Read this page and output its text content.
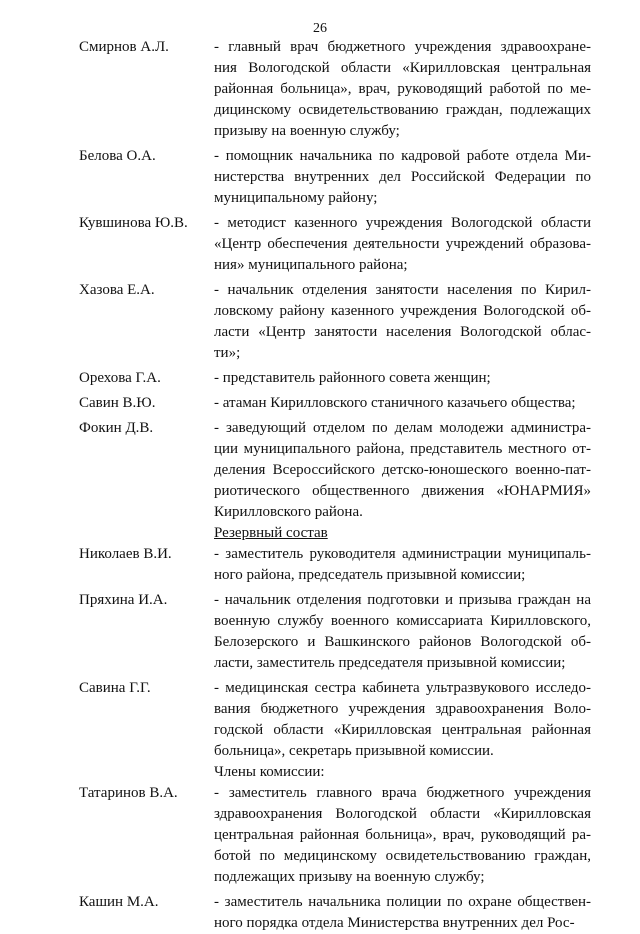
26
Смирнов А.Л.	- главный врач бюджетного учреждения здравоохране-
ния Вологодской области «Кирилловская центральная
районная больница», врач, руководящий работой по ме-
дицинскому освидетельствованию граждан, подлежащих
призыву на военную службу;
Белова О.А.	- помощник начальника по кадровой работе отдела Ми-
нистерства внутренних дел Российской Федерации по
муниципальному району;
Кувшинова Ю.В.	- методист казенного учреждения Вологодской области
«Центр обеспечения деятельности учреждений образова-
ния» муниципального района;
Хазова Е.А.	- начальник отделения занятости населения по Кирил-
ловскому району казенного учреждения Вологодской об-
ласти «Центр занятости населения Вологодской облас-
ти»;
Орехова Г.А.	- представитель районного совета женщин;
Савин В.Ю.	- атаман Кирилловского станичного казачьего общества;
Фокин Д.В.	- заведующий отделом по делам молодежи администра-
ции муниципального района, представитель местного от-
деления Всероссийского детско-юношеского военно-пат-
риотического общественного движения «ЮНАРМИЯ»
Кирилловского района.
Резервный состав
Николаев В.И.	- заместитель руководителя администрации муниципаль-
ного района, председатель призывной комиссии;
Пряхина И.А.	- начальник отделения подготовки и призыва граждан на
военную службу военного комиссариата Кирилловского,
Белозерского и Вашкинского районов Вологодской об-
ласти, заместитель председателя призывной комиссии;
Савина Г.Г.	- медицинская сестра кабинета ультразвукового исследо-
вания бюджетного учреждения здравоохранения Воло-
годской области «Кирилловская центральная районная
больница», секретарь призывной комиссии.
Члены комиссии:
Татаринов В.А.	- заместитель главного врача бюджетного учреждения
здравоохранения Вологодской области «Кирилловская
центральная районная больница», врач, руководящий ра-
ботой по медицинскому освидетельствованию граждан,
подлежащих призыву на военную службу;
Кашин М.А.	- заместитель начальника полиции по охране обществен-
ного порядка отдела Министерства внутренних дел Рос-
